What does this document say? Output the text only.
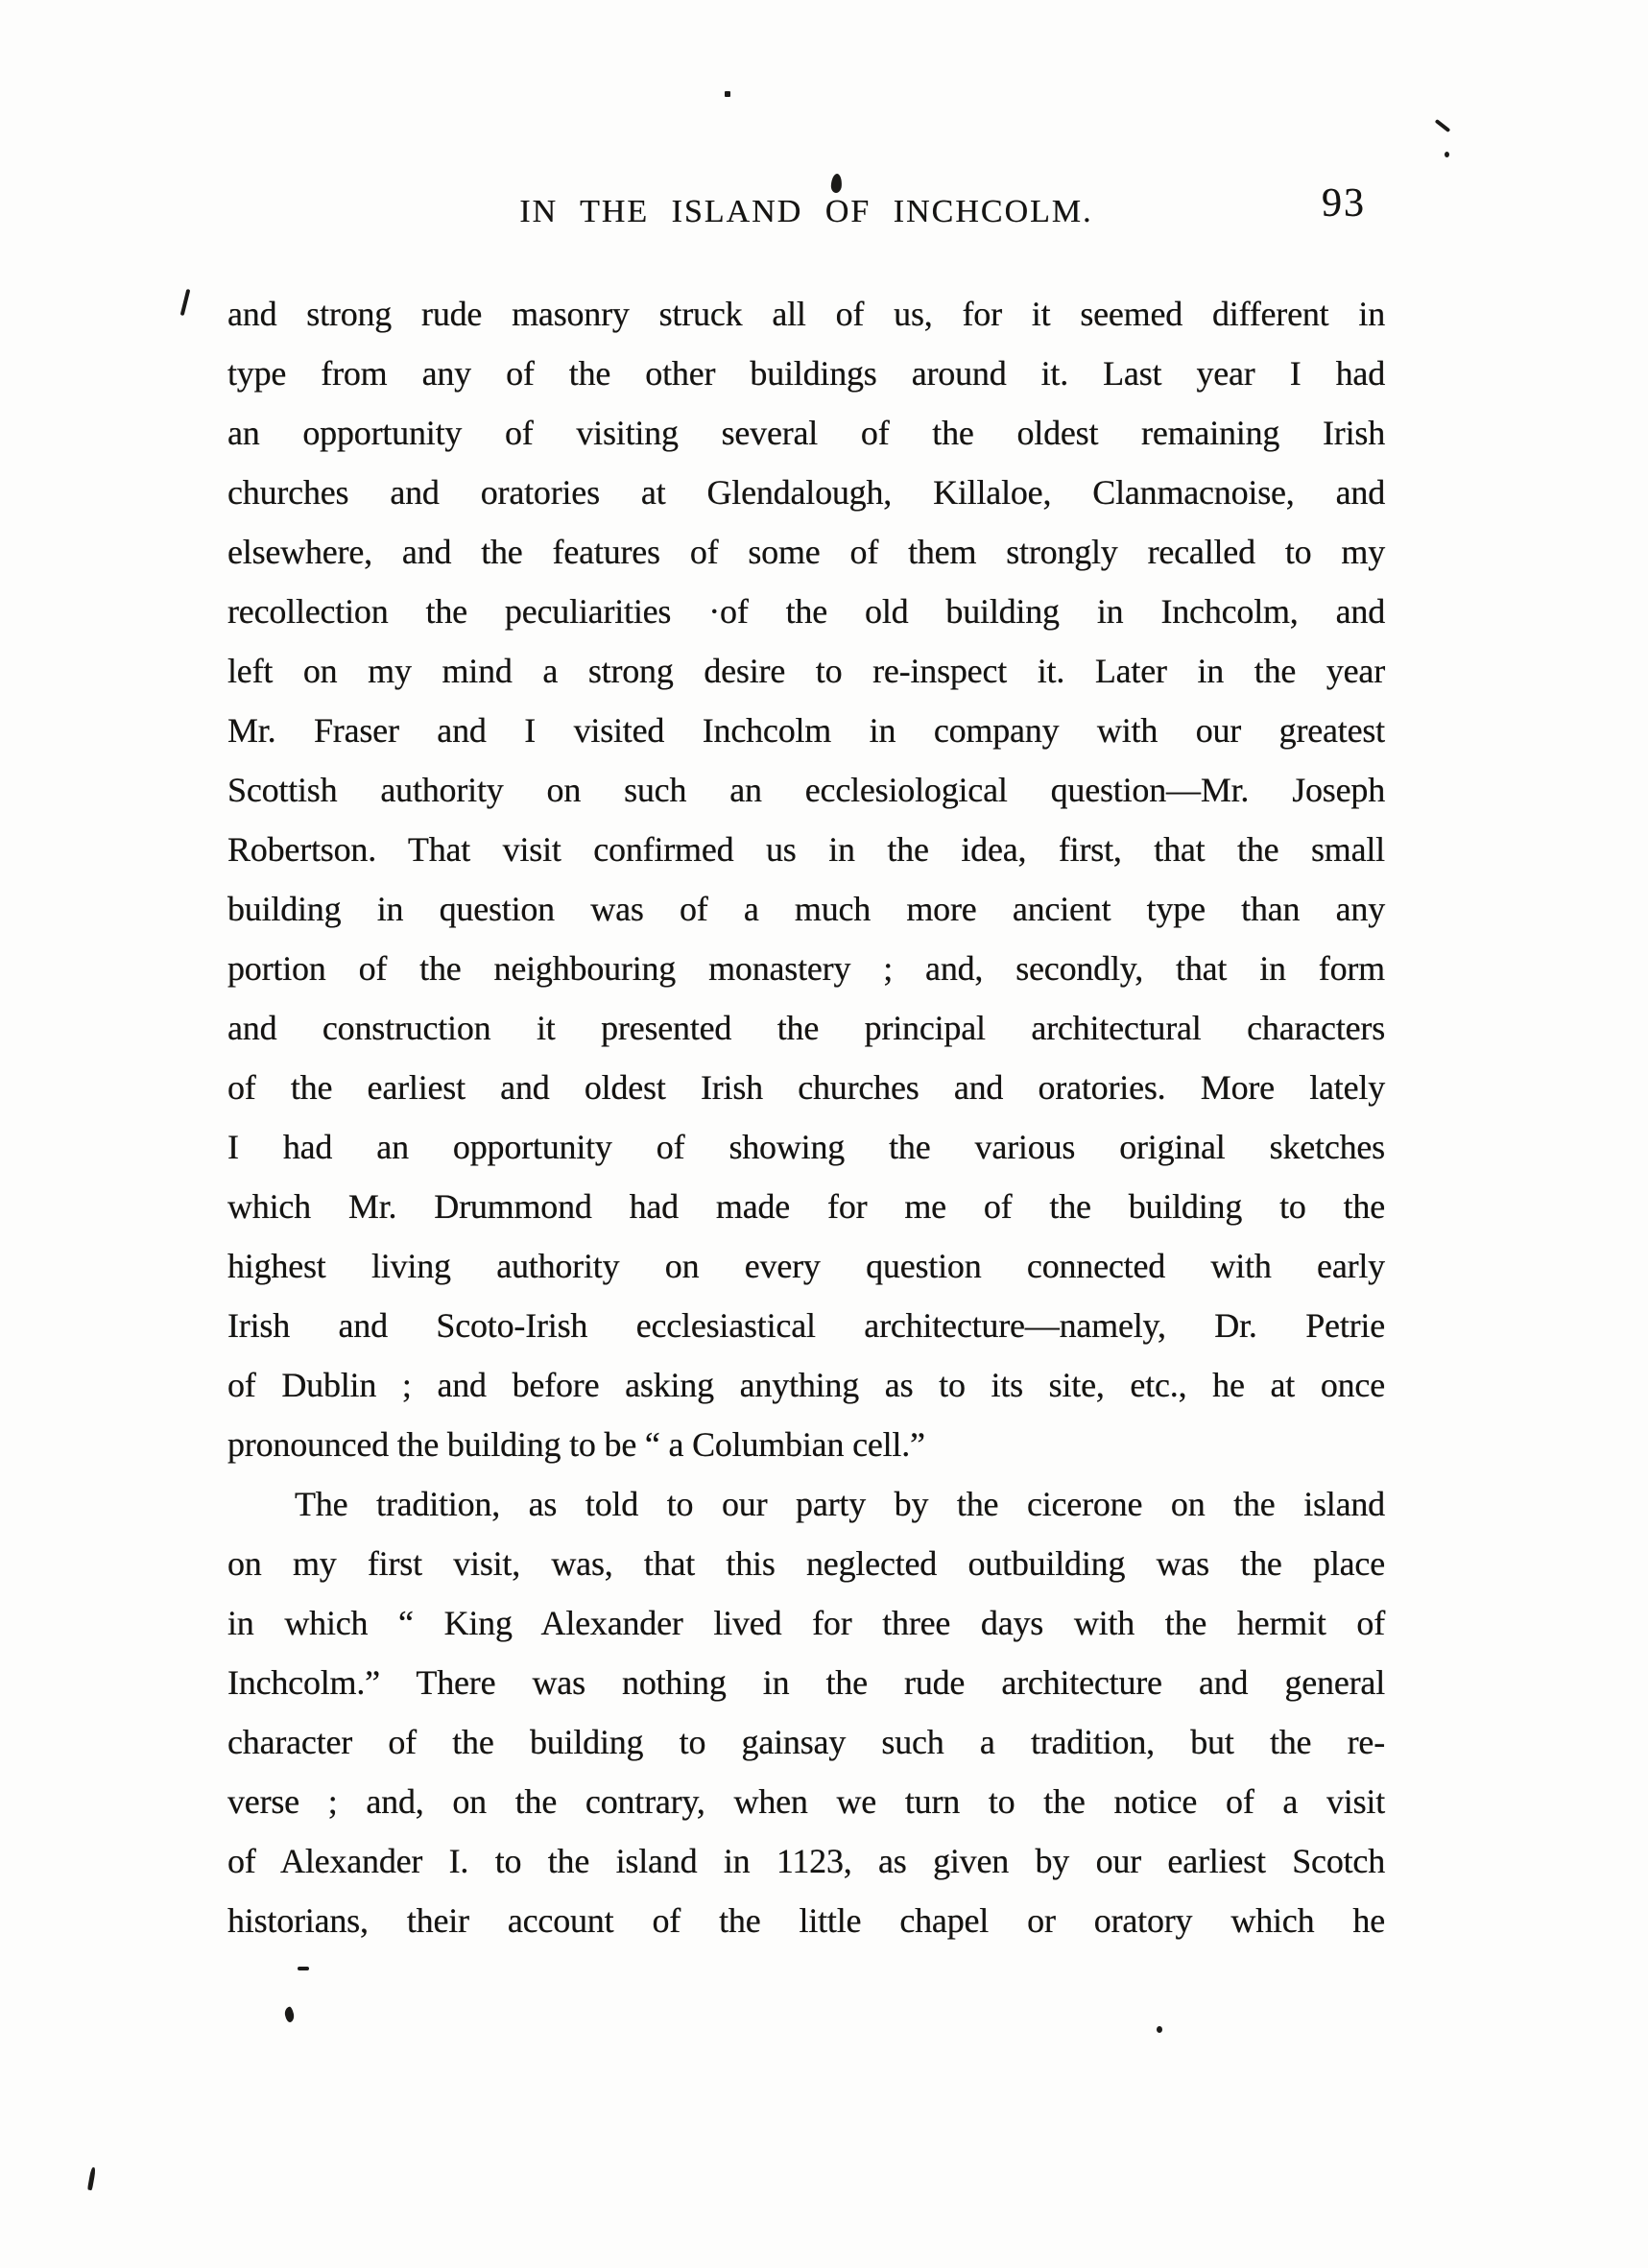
IN THE ISLAND OF INCHCOLM.	93
and strong rude masonry struck all of us, for it seemed different in
type from any of the other buildings around it. Last year I had
an opportunity of visiting several of the oldest remaining Irish
churches and oratories at Glendalough, Killaloe, Clanmacnoise, and
elsewhere, and the features of some of them strongly recalled to my
recollection the peculiarities ·of the old building in Inchcolm, and
left on my mind a strong desire to re-inspect it. Later in the year
Mr. Fraser and I visited Inchcolm in company with our greatest
Scottish authority on such an ecclesiological question—Mr. Joseph
Robertson. That visit confirmed us in the idea, first, that the small
building in question was of a much more ancient type than any
portion of the neighbouring monastery ; and, secondly, that in form
and construction it presented the principal architectural characters
of the earliest and oldest Irish churches and oratories. More lately
I had an opportunity of showing the various original sketches
which Mr. Drummond had made for me of the building to the
highest living authority on every question connected with early
Irish and Scoto-Irish ecclesiastical architecture—namely, Dr. Petrie
of Dublin ; and before asking anything as to its site, etc., he at once
pronounced the building to be “ a Columbian cell.”
The tradition, as told to our party by the cicerone on the island
on my first visit, was, that this neglected outbuilding was the place
in which “ King Alexander lived for three days with the hermit of
Inchcolm.” There was nothing in the rude architecture and general
character of the building to gainsay such a tradition, but the re-
verse ; and, on the contrary, when we turn to the notice of a visit
of Alexander I. to the island in 1123, as given by our earliest Scotch
historians, their account of the little chapel or oratory which he
